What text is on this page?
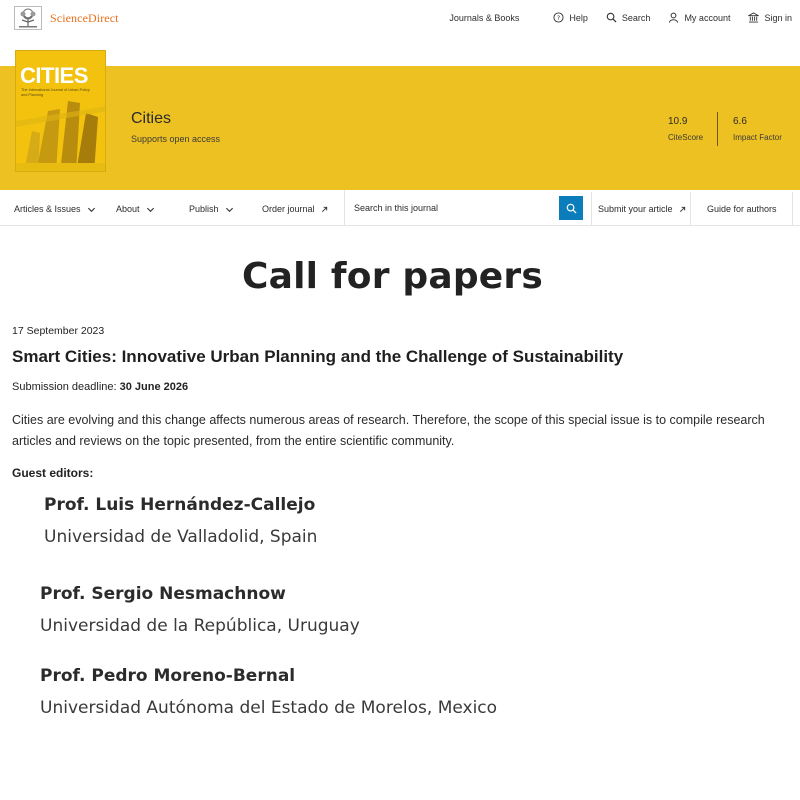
ScienceDirect	Journals & Books	? Help	Search	My account	Sign in
CITIES
The International Journal of Urban Policy and Planning
Cities
Supports open access
10.9
CiteScore
6.6
Impact Factor
Articles & Issues	About	Publish	Order journal	Submit your article	Guide for authors
Search in this journal
Call for papers
17 September 2023
Smart Cities: Innovative Urban Planning and the Challenge of Sustainability
Submission deadline: 30 June 2026

Cities are evolving and this change affects numerous areas of research. Therefore, the scope of this special issue is to compile research articles and reviews on the topic presented, from the entire scientific community.

Guest editors:
Prof. Luis Hernández-Callejo
Universidad de Valladolid, Spain
Prof. Sergio Nesmachnow
Universidad de la República, Uruguay
Prof. Pedro Moreno-Bernal
Universidad Autónoma del Estado de Morelos, Mexico
